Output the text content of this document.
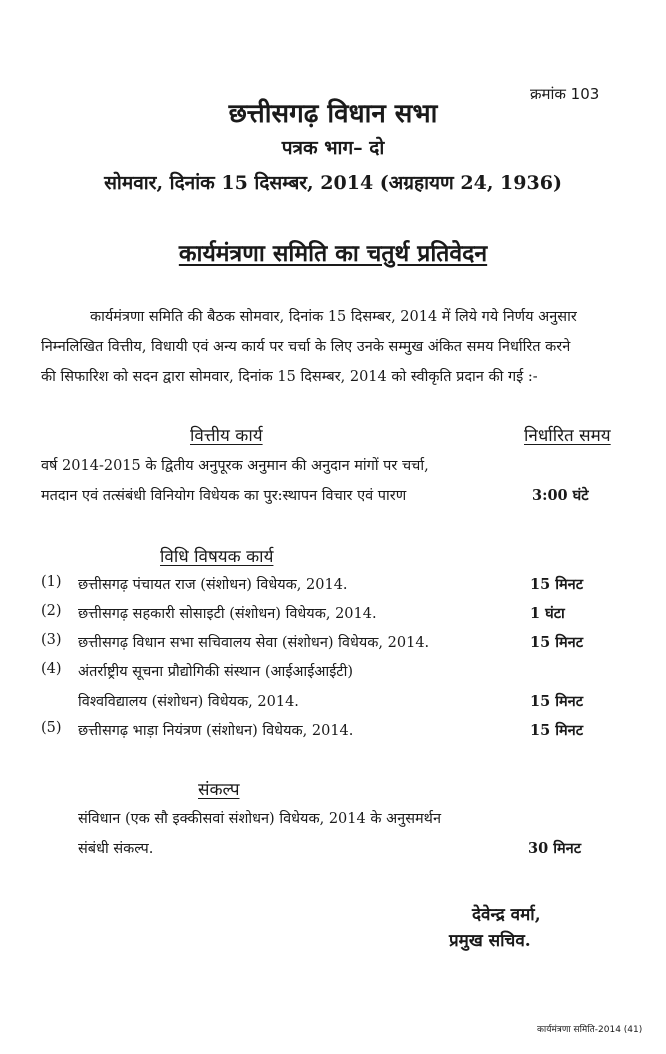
क्रमांक 103
छत्तीसगढ़ विधान सभा
पत्रक भाग– दो
सोमवार, दिनांक 15 दिसम्बर, 2014 (अग्रहायण 24, 1936)
कार्यमंत्रणा समिति का चतुर्थ प्रतिवेदन
कार्यमंत्रणा समिति की बैठक सोमवार, दिनांक 15 दिसम्बर, 2014 में लिये गये निर्णय अनुसार
निम्नलिखित वित्तीय, विधायी एवं अन्य कार्य पर चर्चा के लिए उनके सम्मुख अंकित समय निर्धारित करने
की सिफारिश को सदन द्वारा सोमवार, दिनांक 15 दिसम्बर, 2014 को स्वीकृति प्रदान की गई :-
वित्तीय कार्य	निर्धारित समय
वर्ष 2014-2015 के द्वितीय अनुपूरक अनुमान की अनुदान मांगों पर चर्चा,
मतदान एवं तत्संबंधी विनियोग विधेयक का पुर:स्थापन विचार एवं पारण	3:00 घंटे
विधि विषयक कार्य
(1) छत्तीसगढ़ पंचायत राज (संशोधन) विधेयक, 2014.	15 मिनट
(2) छत्तीसगढ़ सहकारी सोसाइटी (संशोधन) विधेयक, 2014.	1 घंटा
(3) छत्तीसगढ़ विधान सभा सचिवालय सेवा (संशोधन) विधेयक, 2014.	15 मिनट
(4) अंतर्राष्ट्रीय सूचना प्रौद्योगिकी संस्थान (आईआईआईटी)
विश्वविद्यालय (संशोधन) विधेयक, 2014.	15 मिनट
(5) छत्तीसगढ़ भाड़ा नियंत्रण (संशोधन) विधेयक, 2014.	15 मिनट
संकल्प
संविधान (एक सौ इक्कीसवां संशोधन) विधेयक, 2014 के अनुसमर्थन
संबंधी संकल्प.	30 मिनट
देवेन्द्र वर्मा,
प्रमुख सचिव.
कार्यमंत्रणा समिति-2014 (41)
